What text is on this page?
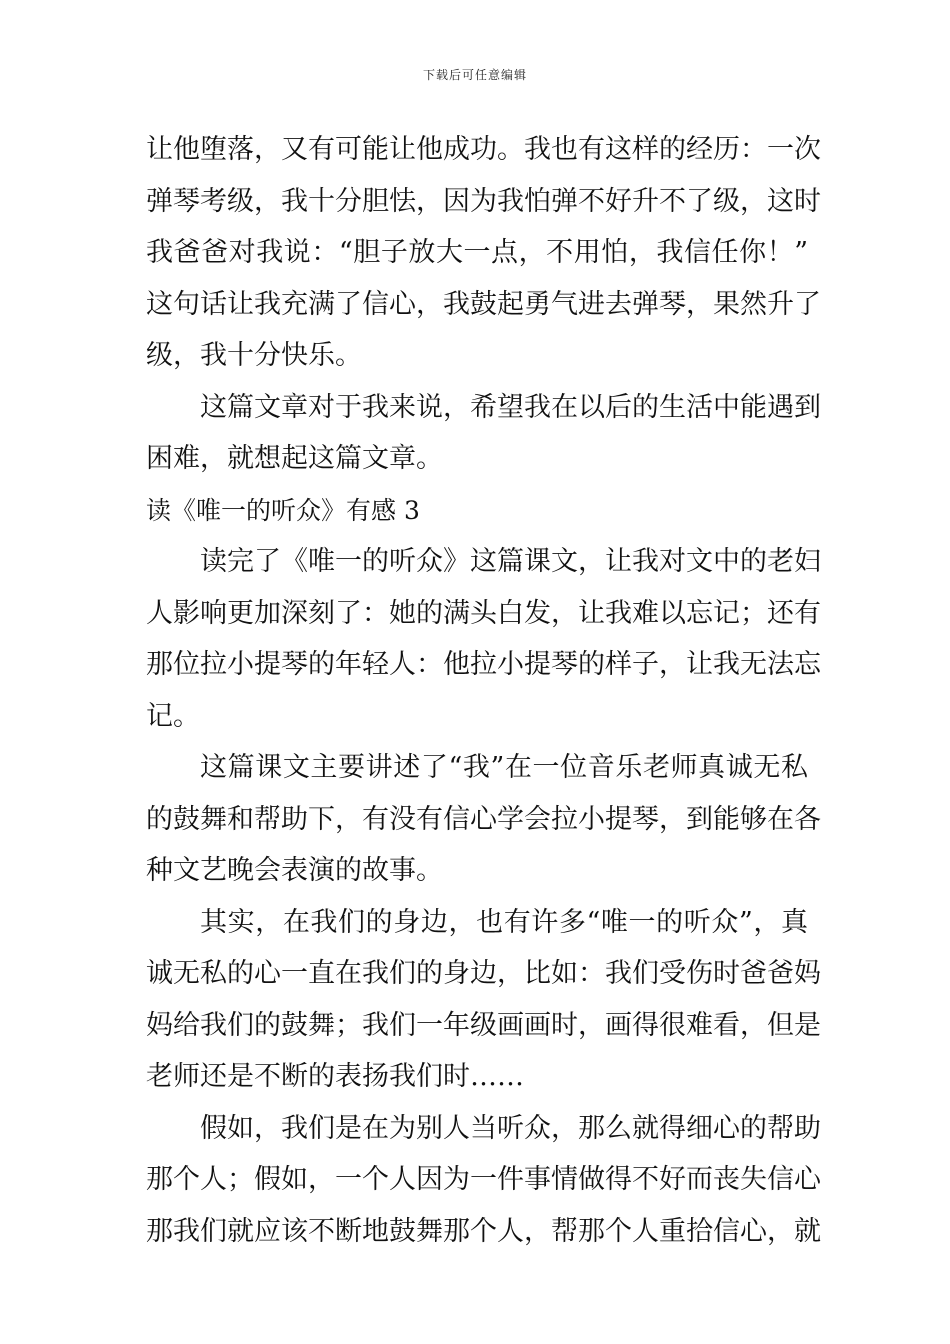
下载后可任意编辑
让他堕落，又有可能让他成功。我也有这样的经历：一次
弹琴考级，我十分胆怯，因为我怕弹不好升不了级，这时
我爸爸对我说：“胆子放大一点，不用怕，我信任你！”
这句话让我充满了信心，我鼓起勇气进去弹琴，果然升了
级，我十分快乐。
这篇文章对于我来说，希望我在以后的生活中能遇到
困难，就想起这篇文章。
读《唯一的听众》有感 3
读完了《唯一的听众》这篇课文，让我对文中的老妇
人影响更加深刻了：她的满头白发，让我难以忘记；还有
那位拉小提琴的年轻人：他拉小提琴的样子，让我无法忘
记。
这篇课文主要讲述了“我”在一位音乐老师真诚无私
的鼓舞和帮助下，有没有信心学会拉小提琴，到能够在各
种文艺晚会表演的故事。
其实，在我们的身边，也有许多“唯一的听众”，真
诚无私的心一直在我们的身边，比如：我们受伤时爸爸妈
妈给我们的鼓舞；我们一年级画画时，画得很难看，但是
老师还是不断的表扬我们时……
假如，我们是在为别人当听众，那么就得细心的帮助
那个人；假如，一个人因为一件事情做得不好而丧失信心
那我们就应该不断地鼓舞那个人，帮那个人重拾信心，就
